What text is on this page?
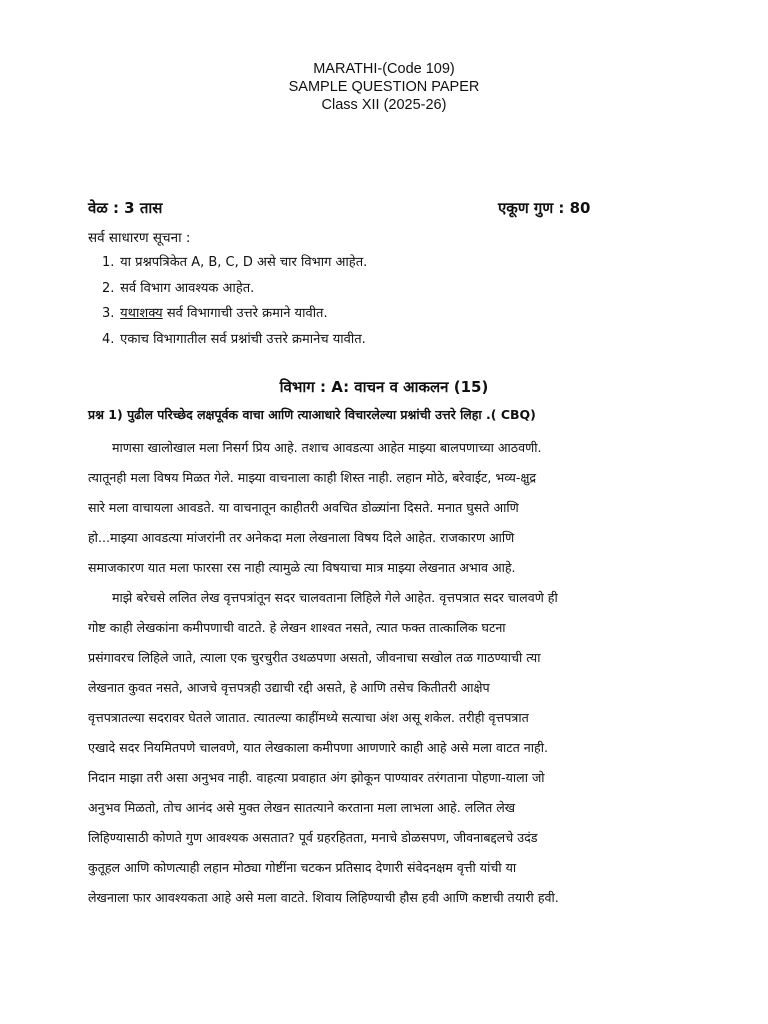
MARATHI-(Code 109)
SAMPLE QUESTION PAPER
Class XII (2025-26)
वेळ : 3 तास	एकूण गुण : 80
सर्व साधारण सूचना :
1. या प्रश्नपत्रिकेत A, B, C, D असे चार विभाग आहेत.
2. सर्व विभाग आवश्यक आहेत.
3. यथाशक्य सर्व विभागाची उत्तरे क्रमाने यावीत.
4. एकाच विभागातील सर्व प्रश्नांची उत्तरे क्रमानेच यावीत.
विभाग : A: वाचन व आकलन (15)
प्रश्न 1) पुढील परिच्छेद लक्षपूर्वक वाचा आणि त्याआधारे विचारलेल्या प्रश्नांची उत्तरे लिहा .( CBQ)
माणसा खालोखाल मला निसर्ग प्रिय आहे. तशाच आवडत्या आहेत माझ्या बालपणाच्या आठवणी.
त्यातूनही मला विषय मिळत गेले. माझ्या वाचनाला काही शिस्त नाही. लहान मोठे, बरेवाईट, भव्य-क्षुद्र
सारे मला वाचायला आवडते. या वाचनातून काहीतरी अवचित डोळ्यांना दिसते. मनात घुसते आणि
हो...माझ्या आवडत्या मांजरांनी तर अनेकदा मला लेखनाला विषय दिले आहेत. राजकारण आणि
समाजकारण यात मला फारसा रस नाही त्यामुळे त्या विषयाचा मात्र माझ्या लेखनात अभाव आहे.
माझे बरेचसे ललित लेख वृत्तपत्रांतून सदर चालवताना लिहिले गेले आहेत. वृत्तपत्रात सदर चालवणे ही
गोष्ट काही लेखकांना कमीपणाची वाटते. हे लेखन शाश्वत नसते, त्यात फक्त तात्कालिक घटना
प्रसंगावरच लिहिले जाते, त्याला एक चुरचुरीत उथळपणा असतो, जीवनाचा सखोल तळ गाठण्याची त्या
लेखनात कुवत नसते, आजचे वृत्तपत्रही उद्याची रद्दी असते, हे आणि तसेच कितीतरी आक्षेप
वृत्तपत्रातल्या सदरावर घेतले जातात. त्यातल्या काहींमध्ये सत्याचा अंश असू शकेल. तरीही वृत्तपत्रात
एखादे सदर नियमितपणे चालवणे, यात लेखकाला कमीपणा आणणारे काही आहे असे मला वाटत नाही.
निदान माझा तरी असा अनुभव नाही. वाहत्या प्रवाहात अंग झोकून पाण्यावर तरंगताना पोहणा-याला जो
अनुभव मिळतो, तोच आनंद असे मुक्त लेखन सातत्याने करताना मला लाभला आहे. ललित लेख
लिहिण्यासाठी कोणते गुण आवश्यक असतात? पूर्व ग्रहरहितता, मनाचे डोळसपण, जीवनाबद्दलचे उदंड
कुतूहल आणि कोणत्याही लहान मोठ्या गोष्टींना चटकन प्रतिसाद देणारी संवेदनक्षम वृत्ती यांची या
लेखनाला फार आवश्यकता आहे असे मला वाटते. शिवाय लिहिण्याची हौस हवी आणि कष्टाची तयारी हवी.
